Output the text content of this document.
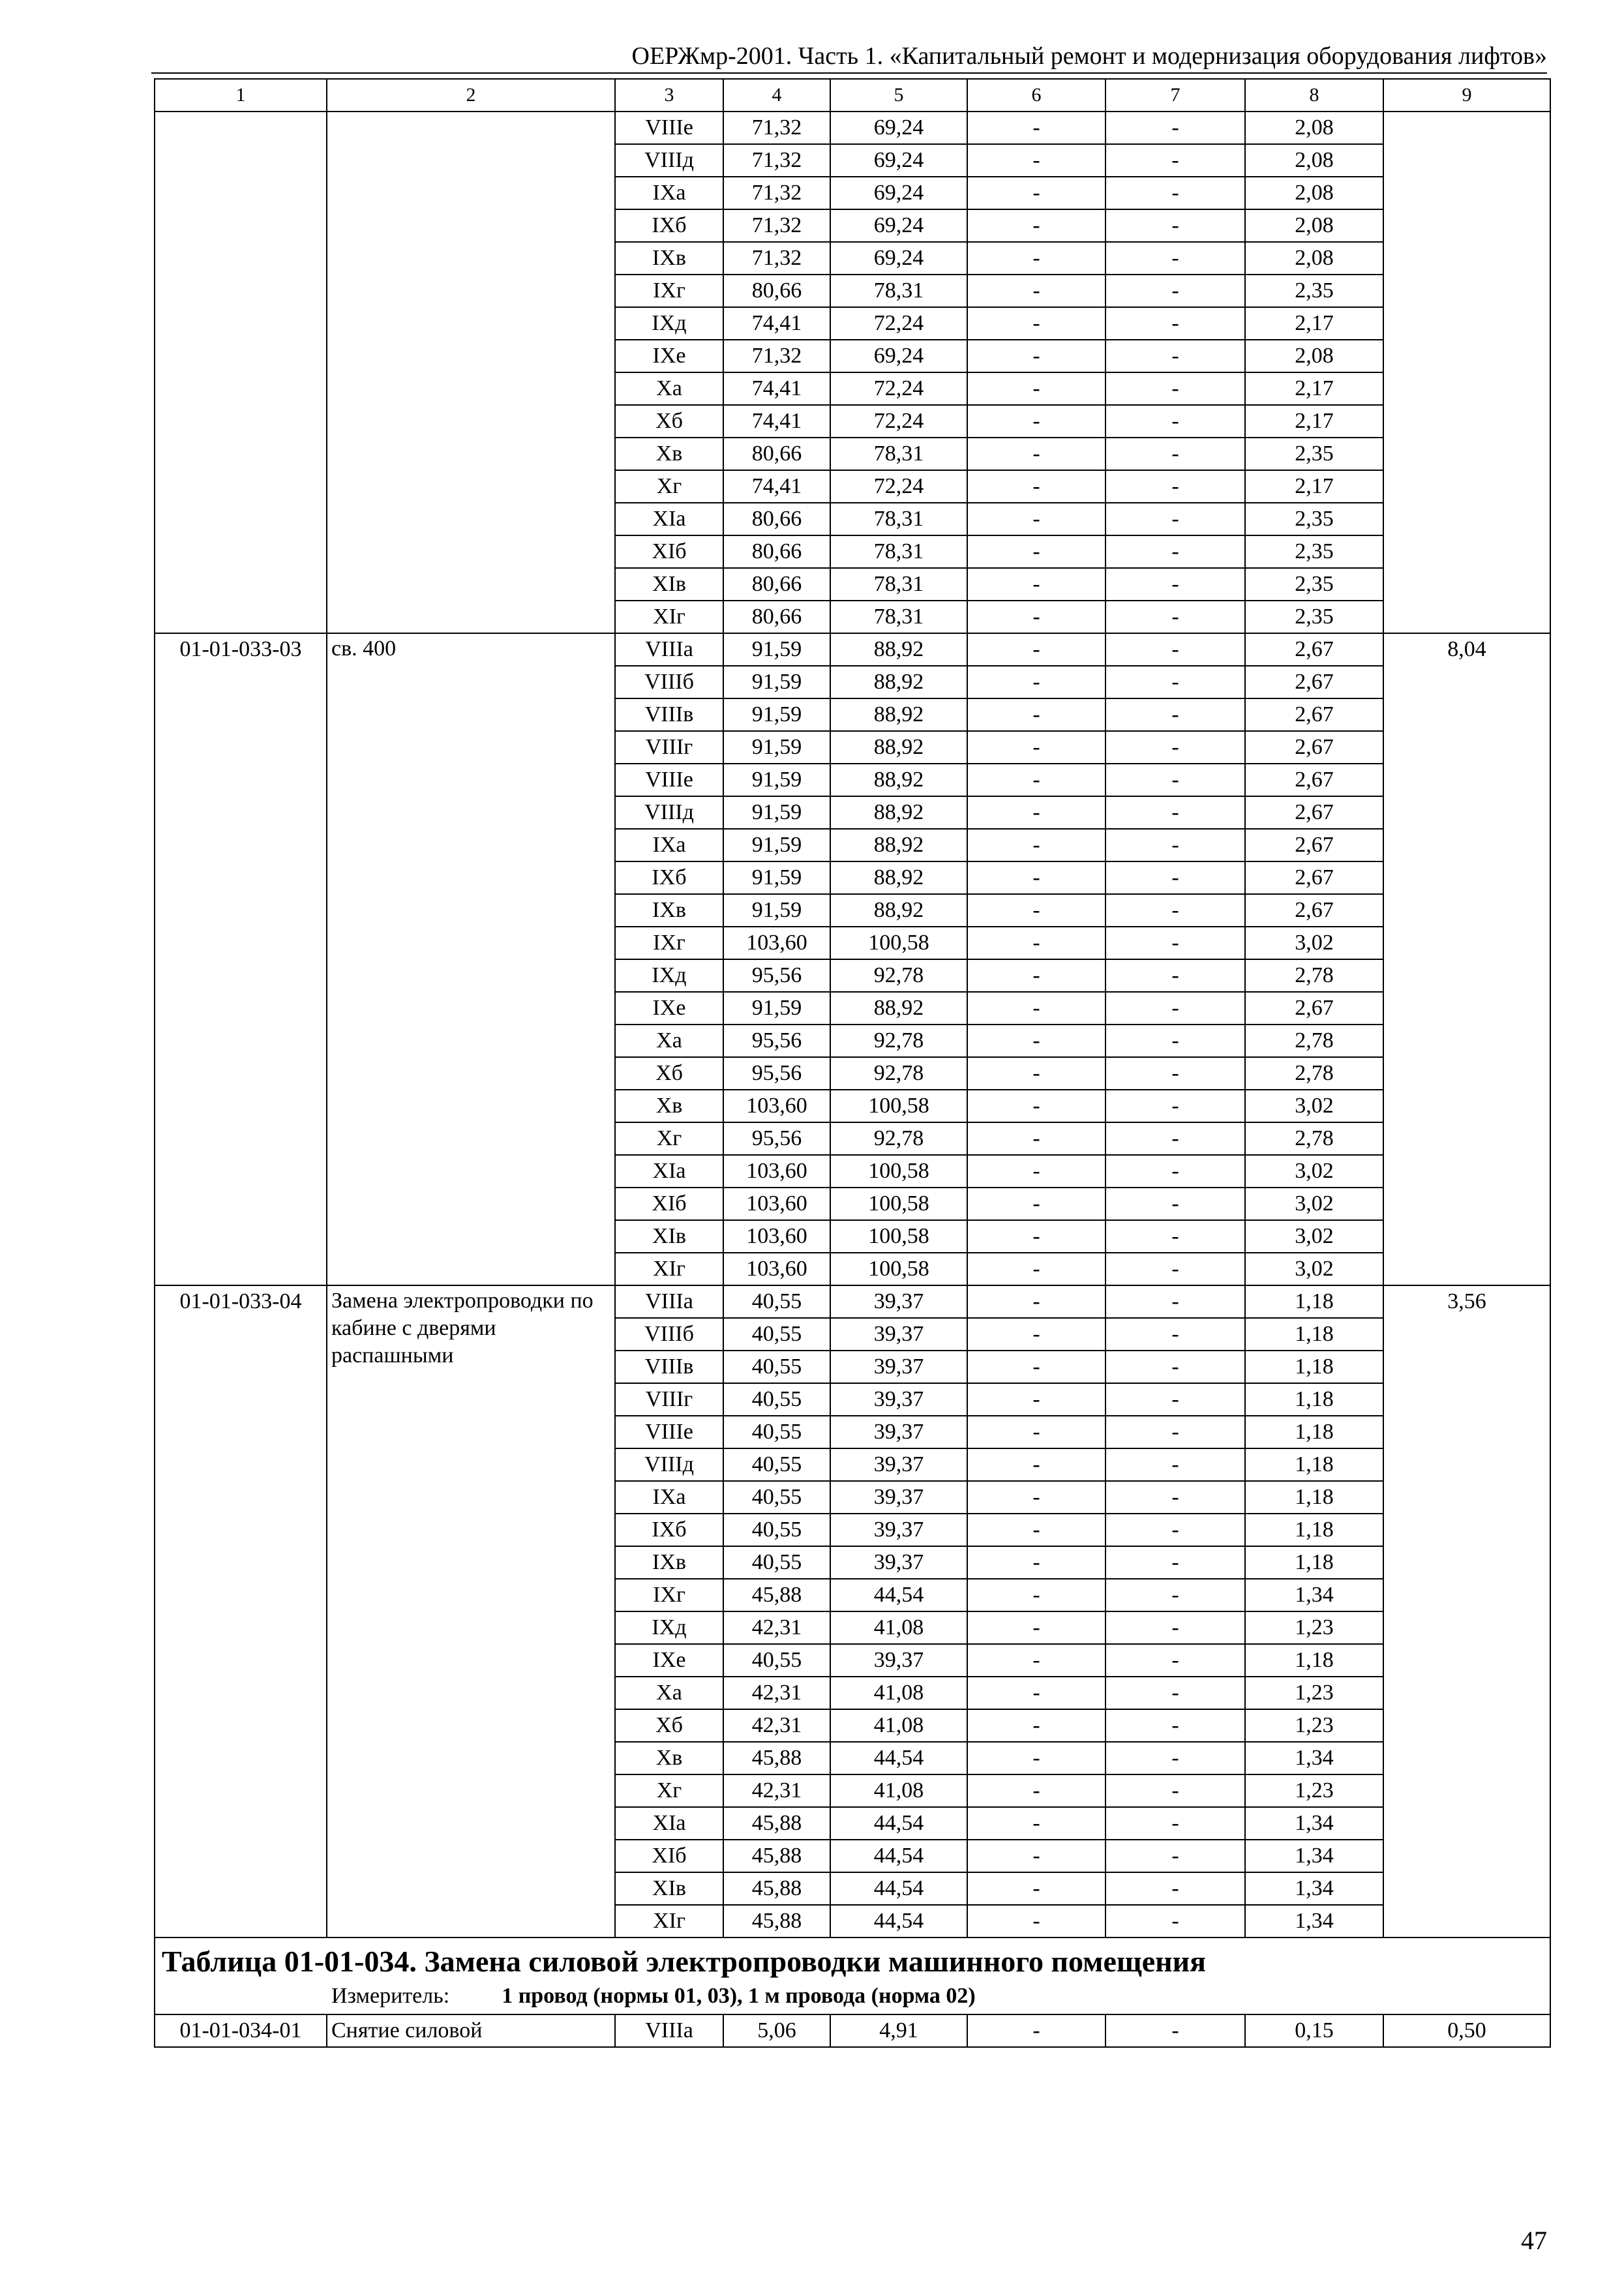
ОЕРЖмр-2001. Часть 1. «Капитальный ремонт и модернизация оборудования лифтов»
1	2	3	4	5	6	7	8	9
		VIIIе	71,32	69,24	-	-	2,08	
		VIIIд	71,32	69,24	-	-	2,08	
		IXа	71,32	69,24	-	-	2,08	
		IXб	71,32	69,24	-	-	2,08	
		IXв	71,32	69,24	-	-	2,08	
		IXг	80,66	78,31	-	-	2,35	
		IXд	74,41	72,24	-	-	2,17	
		IXе	71,32	69,24	-	-	2,08	
		Xа	74,41	72,24	-	-	2,17	
		Xб	74,41	72,24	-	-	2,17	
		Xв	80,66	78,31	-	-	2,35	
		Xг	74,41	72,24	-	-	2,17	
		XIа	80,66	78,31	-	-	2,35	
		XIб	80,66	78,31	-	-	2,35	
		XIв	80,66	78,31	-	-	2,35	
		XIг	80,66	78,31	-	-	2,35	
01-01-033-03	св. 400	VIIIа	91,59	88,92	-	-	2,67	8,04
		VIIIб	91,59	88,92	-	-	2,67	
		VIIIв	91,59	88,92	-	-	2,67	
		VIIIг	91,59	88,92	-	-	2,67	
		VIIIе	91,59	88,92	-	-	2,67	
		VIIIд	91,59	88,92	-	-	2,67	
		IXа	91,59	88,92	-	-	2,67	
		IXб	91,59	88,92	-	-	2,67	
		IXв	91,59	88,92	-	-	2,67	
		IXг	103,60	100,58	-	-	3,02	
		IXд	95,56	92,78	-	-	2,78	
		IXе	91,59	88,92	-	-	2,67	
		Xа	95,56	92,78	-	-	2,78	
		Xб	95,56	92,78	-	-	2,78	
		Xв	103,60	100,58	-	-	3,02	
		Xг	95,56	92,78	-	-	2,78	
		XIа	103,60	100,58	-	-	3,02	
		XIб	103,60	100,58	-	-	3,02	
		XIв	103,60	100,58	-	-	3,02	
		XIг	103,60	100,58	-	-	3,02	
01-01-033-04	Замена электропроводки по кабине с дверями распашными	VIIIа	40,55	39,37	-	-	1,18	3,56
		VIIIб	40,55	39,37	-	-	1,18	
		VIIIв	40,55	39,37	-	-	1,18	
		VIIIг	40,55	39,37	-	-	1,18	
		VIIIе	40,55	39,37	-	-	1,18	
		VIIIд	40,55	39,37	-	-	1,18	
		IXа	40,55	39,37	-	-	1,18	
		IXб	40,55	39,37	-	-	1,18	
		IXв	40,55	39,37	-	-	1,18	
		IXг	45,88	44,54	-	-	1,34	
		IXд	42,31	41,08	-	-	1,23	
		IXе	40,55	39,37	-	-	1,18	
		Xа	42,31	41,08	-	-	1,23	
		Xб	42,31	41,08	-	-	1,23	
		Xв	45,88	44,54	-	-	1,34	
		Xг	42,31	41,08	-	-	1,23	
		XIа	45,88	44,54	-	-	1,34	
		XIб	45,88	44,54	-	-	1,34	
		XIв	45,88	44,54	-	-	1,34	
		XIг	45,88	44,54	-	-	1,34	

Таблица 01-01-034. Замена силовой электропроводки машинного помещения
Измеритель: 1 провод (нормы 01, 03), 1 м провода (норма 02)								

01-01-034-01	Снятие силовой	VIIIа	5,06	4,91	-	-	0,15	0,50
47
